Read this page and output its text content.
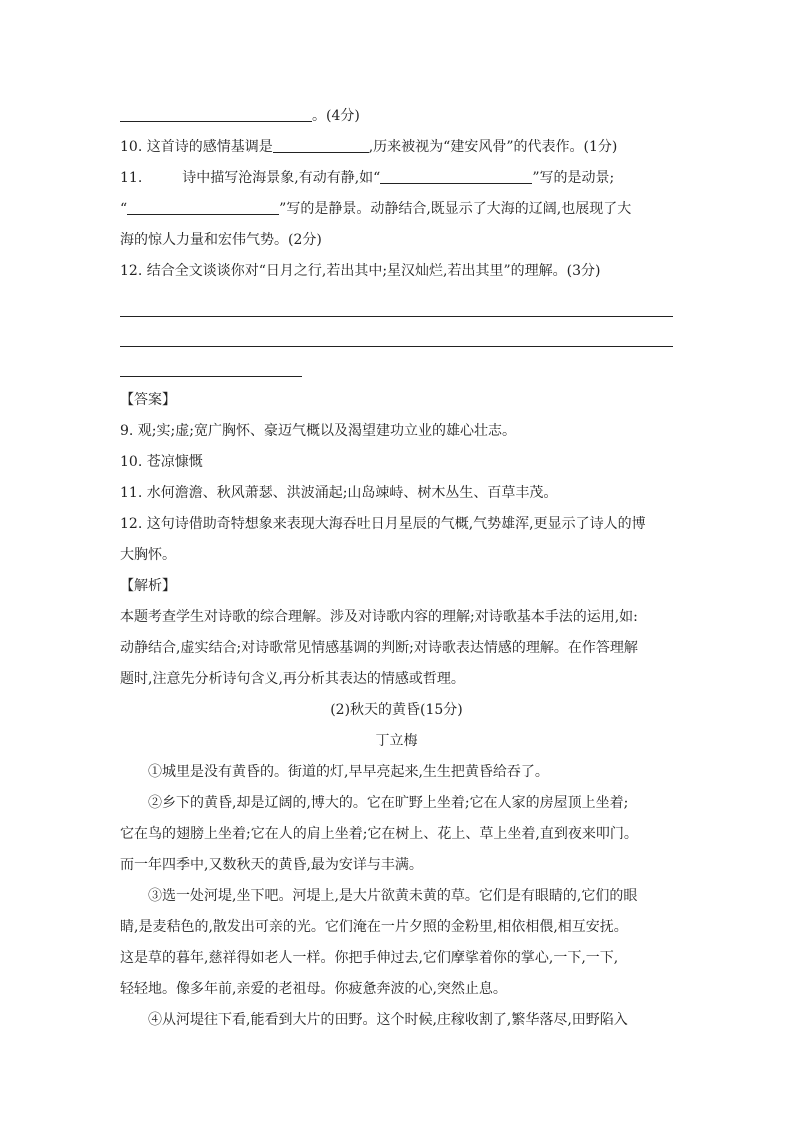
。(4分)
10. 这首诗的感情基调是	,历来被视为“建安风骨”的代表作。(1分)
11.	诗中描写沧海景象,有动有静,如“	”写的是动景;
“	”写的是静景。动静结合,既显示了大海的辽阔,也展现了大
海的惊人力量和宏伟气势。(2分)
12. 结合全文谈谈你对“日月之行,若出其中;星汉灿烂,若出其里”的理解。(3分)
【答案】
9. 观;实;虚;宽广胸怀、豪迈气概以及渴望建功立业的雄心壮志。
10. 苍凉慷慨
11. 水何澹澹、秋风萧瑟、洪波涌起;山岛竦峙、树木丛生、百草丰茂。
12. 这句诗借助奇特想象来表现大海吞吐日月星辰的气概,气势雄浑,更显示了诗人的博
大胸怀。
【解析】
本题考查学生对诗歌的综合理解。涉及对诗歌内容的理解;对诗歌基本手法的运用,如:
动静结合,虚实结合;对诗歌常见情感基调的判断;对诗歌表达情感的理解。在作答理解
题时,注意先分析诗句含义,再分析其表达的情感或哲理。
(2)秋天的黄昏(15分)
丁立梅
①城里是没有黄昏的。街道的灯,早早亮起来,生生把黄昏给吞了。
②乡下的黄昏,却是辽阔的,博大的。它在旷野上坐着;它在人家的房屋顶上坐着;
它在鸟的翅膀上坐着;它在人的肩上坐着;它在树上、花上、草上坐着,直到夜来叩门。
而一年四季中,又数秋天的黄昏,最为安详与丰满。
③选一处河堤,坐下吧。河堤上,是大片欲黄未黄的草。它们是有眼睛的,它们的眼
睛,是麦秸色的,散发出可亲的光。它们淹在一片夕照的金粉里,相依相偎,相互安抚。
这是草的暮年,慈祥得如老人一样。你把手伸过去,它们摩挲着你的掌心,一下,一下,
轻轻地。像多年前,亲爱的老祖母。你疲惫奔波的心,突然止息。
④从河堤往下看,能看到大片的田野。这个时候,庄稼收割了,繁华落尽,田野陷入
